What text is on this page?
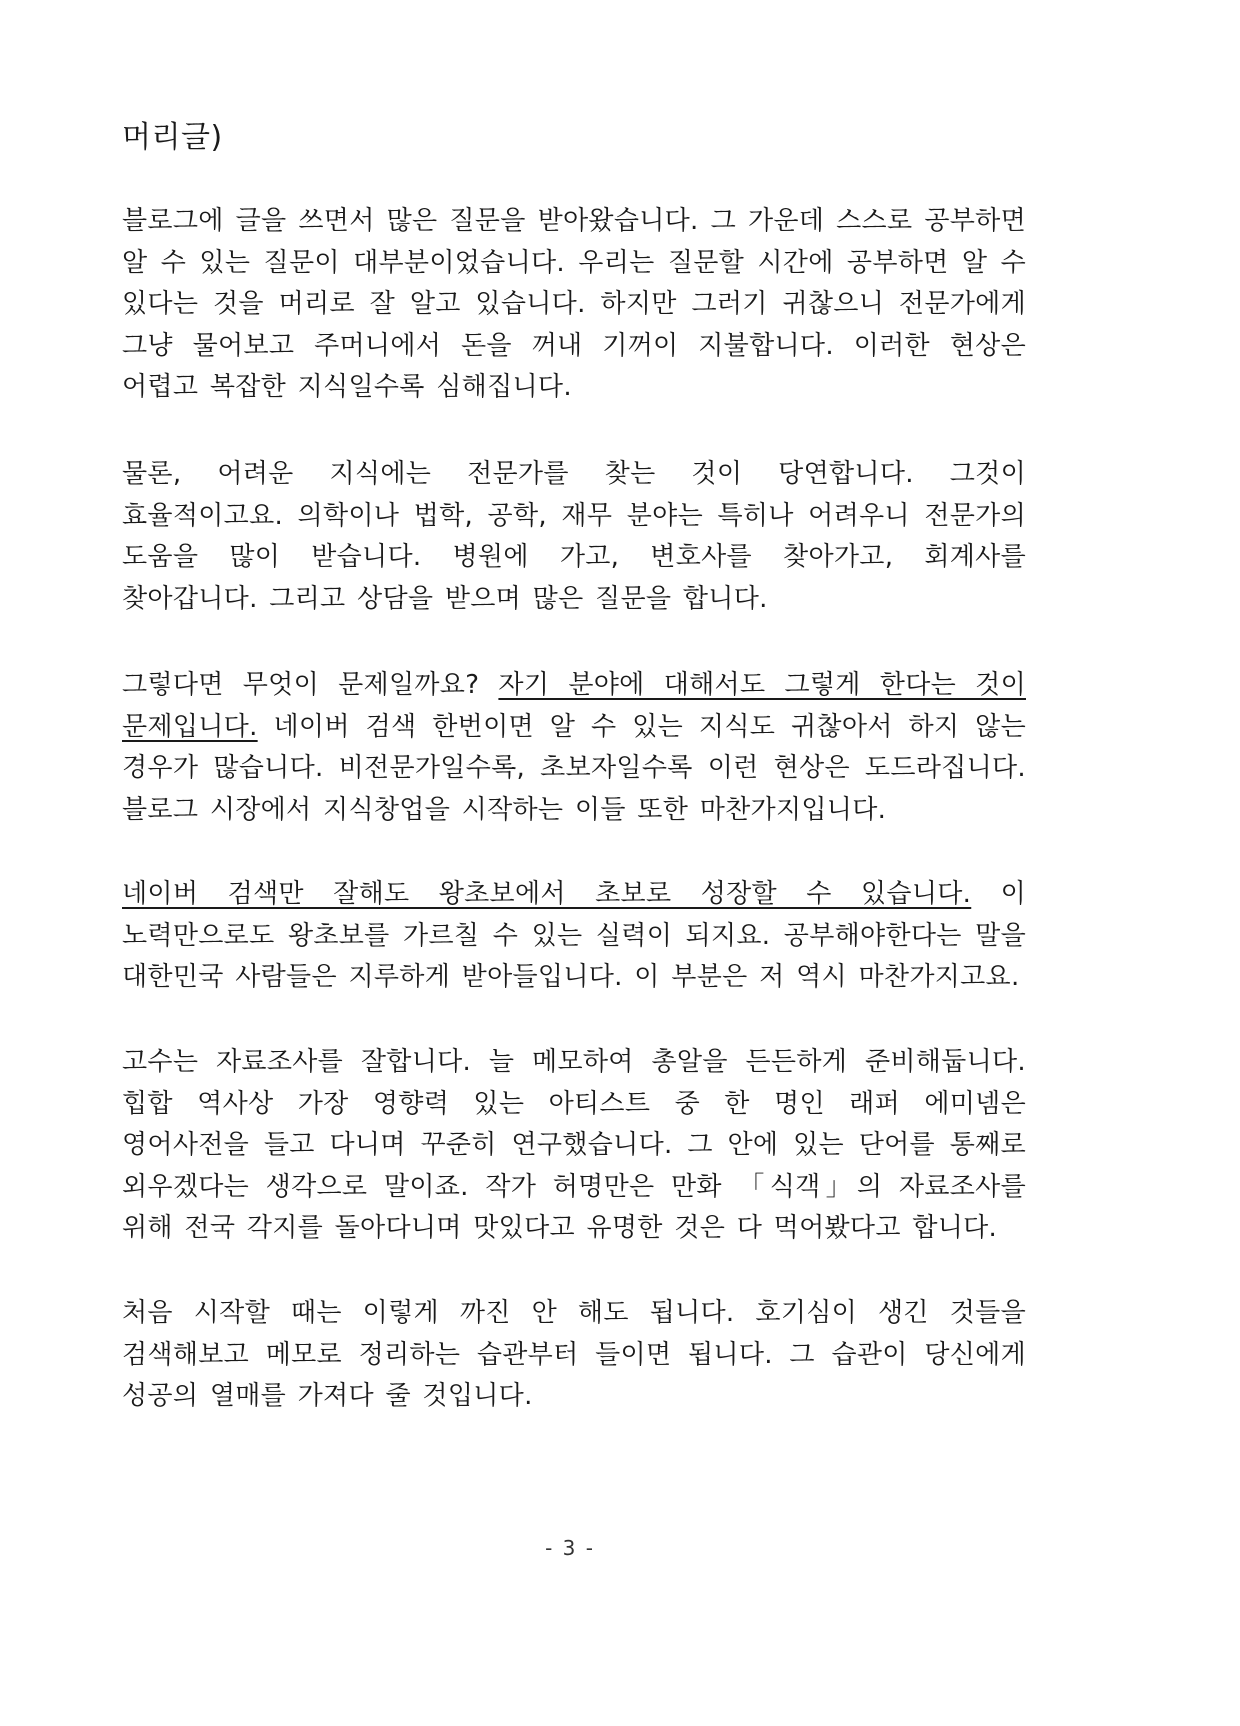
머리글)

블로그에 글을 쓰면서 많은 질문을 받아왔습니다. 그 가운데 스스로 공부하면 알 수 있는 질문이 대부분이었습니다. 우리는 질문할 시간에 공부하면 알 수 있다는 것을 머리로 잘 알고 있습니다. 하지만 그러기 귀찮으니 전문가에게 그냥 물어보고 주머니에서 돈을 꺼내 기꺼이 지불합니다. 이러한 현상은 어렵고 복잡한 지식일수록 심해집니다.

물론, 어려운 지식에는 전문가를 찾는 것이 당연합니다. 그것이 효율적이고요. 의학이나 법학, 공학, 재무 분야는 특히나 어려우니 전문가의 도움을 많이 받습니다. 병원에 가고, 변호사를 찾아가고, 회계사를 찾아갑니다. 그리고 상담을 받으며 많은 질문을 합니다.

그렇다면 무엇이 문제일까요? 자기 분야에 대해서도 그렇게 한다는 것이 문제입니다. 네이버 검색 한번이면 알 수 있는 지식도 귀찮아서 하지 않는 경우가 많습니다. 비전문가일수록, 초보자일수록 이런 현상은 도드라집니다. 블로그 시장에서 지식창업을 시작하는 이들 또한 마찬가지입니다.

네이버 검색만 잘해도 왕초보에서 초보로 성장할 수 있습니다. 이 노력만으로도 왕초보를 가르칠 수 있는 실력이 되지요. 공부해야한다는 말을 대한민국 사람들은 지루하게 받아들입니다. 이 부분은 저 역시 마찬가지고요.

고수는 자료조사를 잘합니다. 늘 메모하여 총알을 든든하게 준비해둡니다. 힙합 역사상 가장 영향력 있는 아티스트 중 한 명인 래퍼 에미넴은 영어사전을 들고 다니며 꾸준히 연구했습니다. 그 안에 있는 단어를 통째로 외우겠다는 생각으로 말이죠. 작가 허명만은 만화 「식객」의 자료조사를 위해 전국 각지를 돌아다니며 맛있다고 유명한 것은 다 먹어봤다고 합니다.

처음 시작할 때는 이렇게 까진 안 해도 됩니다. 호기심이 생긴 것들을 검색해보고 메모로 정리하는 습관부터 들이면 됩니다. 그 습관이 당신에게 성공의 열매를 가져다 줄 것입니다.

- 3 -
